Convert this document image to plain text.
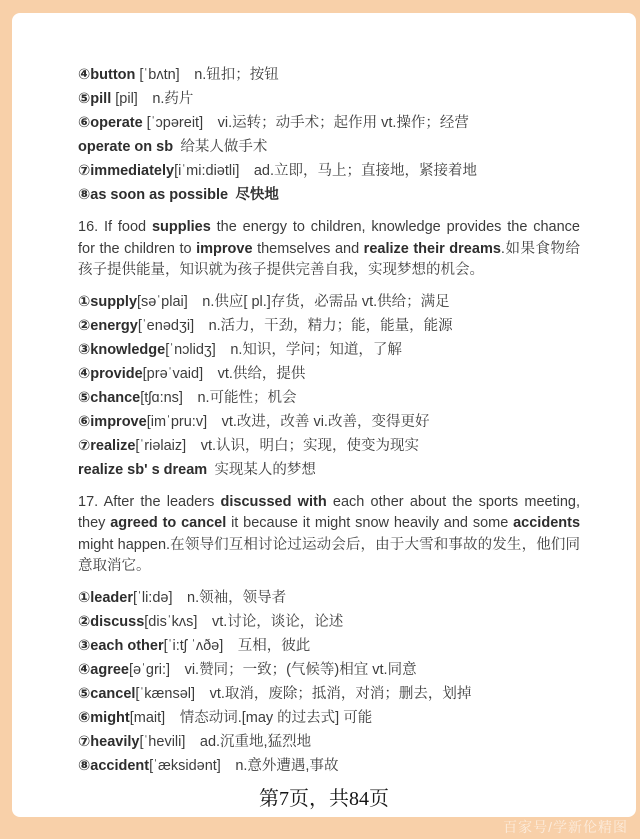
④button [ˈbʌtn] n.钮扣；按钮
⑤pill [pil] n.药片
⑥operate [ˈɔpəreit] vi.运转；动手术；起作用 vt.操作；经营
operate on sb 给某人做手术
⑦immediately[iˈmi:diətli] ad.立即，马上；直接地，紧接着地
⑧as soon as possible 尽快地

16. If food supplies the energy to children, knowledge provides the chance for the children to improve themselves and realize their dreams.如果食物给孩子提供能量，知识就为孩子提供完善自我，实现梦想的机会。

①supply[səˈplai] n.供应[ pl.]存货，必需品 vt.供给；满足
②energy[ˈenədʒi] n.活力，干劲，精力；能，能量，能源
③knowledge[ˈnɔlidʒ] n.知识，学问；知道，了解
④provide[prəˈvaid] vt.供给，提供
⑤chance[tʃɑ:ns] n.可能性；机会
⑥improve[imˈpru:v] vt.改进，改善 vi.改善，变得更好
⑦realize[ˈriəlaiz] vt.认识，明白；实现，使变为现实
realize sb' s dream 实现某人的梦想

17. After the leaders discussed with each other about the sports meeting, they agreed to cancel it because it might snow heavily and some accidents might happen.在领导们互相讨论过运动会后，由于大雪和事故的发生，他们同意取消它。

①leader[ˈli:də] n.领袖，领导者
②discuss[disˈkʌs] vt.讨论，谈论，论述
③each other[ˈi:tʃ ˈʌðə] 互相，彼此
④agree[əˈgri:] vi.赞同；一致；(气候等)相宜 vt.同意
⑤cancel[ˈkænsəl] vt.取消，废除；抵消，对消；删去，划掉
⑥might[mait] 情态动词.[may 的过去式] 可能
⑦heavily[ˈhevili] ad.沉重地,猛烈地
⑧accident[ˈæksidənt] n.意外遭遇,事故
第7页，共84页
百家号/学新伦精图
